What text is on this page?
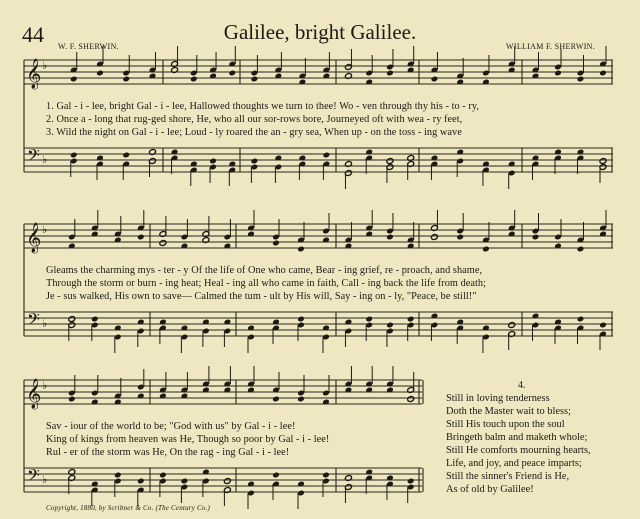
44	Galilee, bright Galilee.
W. F. SHERWIN.	WILLIAM F. SHERWIN.
𝄞
𝄢
♭
♭
𝄞
𝄢
♭
♭
𝄞
𝄢
♭
♭
1. Gal - i - lee, bright Gal - i - lee, Hallowed thoughts we turn to thee! Wo - ven through thy his - to - ry,
2. Once a - long that rug-ged shore, He, who all our sor-rows bore, Journeyed oft with wea - ry feet,
3. Wild the night on Gal - i - lee; Loud - ly roared the an - gry sea, When up - on the toss - ing wave
Gleams the charming mys - ter - y Of the life of One who came, Bear - ing grief, re - proach, and shame,
Through the storm or burn - ing heat; Heal - ing all who came in faith, Call - ing back the life from death;
Je - sus walked, His own to save— Calmed the tum - ult by His will, Say - ing on - ly, "Peace, be still!"
Sav - iour of the world to be; "God with us" by Gal - i - lee!
King of kings from heaven was He, Though so poor by Gal - i - lee!
Rul - er of the storm was He, On the rag - ing Gal - i - lee!
4.
Still in loving tenderness
Doth the Master wait to bless;
Still His touch upon the soul
Bringeth balm and maketh whole;
Still He comforts mourning hearts,
Life, and joy, and peace imparts;
Still the sinner's Friend is He,
As of old by Galilee!
Copyright, 1880, by Scribner & Co. (The Century Co.)
